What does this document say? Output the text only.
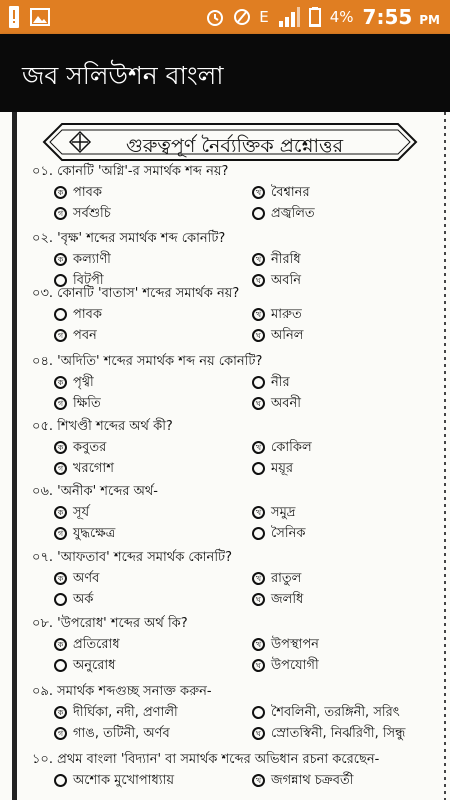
E	4% 7:55 PM
জব সলিউশন বাংলা
গুরুত্বপূর্ণ নৈর্ব্যক্তিক প্রশ্নোত্তর
০১. কোনটি 'অগ্নি'-র সমার্থক শব্দ নয়?
ক পাবক	খ বৈশ্বানর
গ সর্বশুচি	প্রজ্বলিত
০২. 'বৃক্ষ' শব্দের সমার্থক শব্দ কোনটি?
ক কল্যাণী	খ নীরধি
বিটপী	ঘ অবনি
০৩. কোনটি 'বাতাস' শব্দের সমার্থক নয়?
পাবক	খ মারুত
গ পবন	ঘ অনিল
০৪. 'অদিতি' শব্দের সমার্থক শব্দ নয় কোনটি?
ক পৃথ্বী	নীর
গ ক্ষিতি	ঘ অবনী
০৫. শিখণ্ডী শব্দের অর্থ কী?
ক কবুতর	খ কোকিল
গ খরগোশ	ময়ূর
০৬. 'অনীক' শব্দের অর্থ-
ক সূর্য	খ সমুদ্র
গ যুদ্ধক্ষেত্র	সৈনিক
০৭. 'আফতাব' শব্দের সমার্থক কোনটি?
ক অর্ণব	খ রাতুল
অর্ক	ঘ জলধি
০৮. 'উপরোধ' শব্দের অর্থ কি?
ক প্রতিরোধ	খ উপস্থাপন
অনুরোধ	ঘ উপযোগী
০৯. সমার্থক শব্দগুচ্ছ সনাক্ত করুন-
ক দীর্ঘিকা, নদী, প্রণালী	শৈবলিনী, তরঙ্গিনী, সরিৎ
গ গাঙ, তটিনী, অর্ণব	ঘ স্রোতস্বিনী, নির্ঝরিণী, সিন্ধু
১০. প্রথম বাংলা 'বিদ্যান' বা সমার্থক শব্দের অভিধান রচনা করেছেন-
অশোক মুখোপাধ্যায়	খ জগন্নাথ চক্রবর্তী
